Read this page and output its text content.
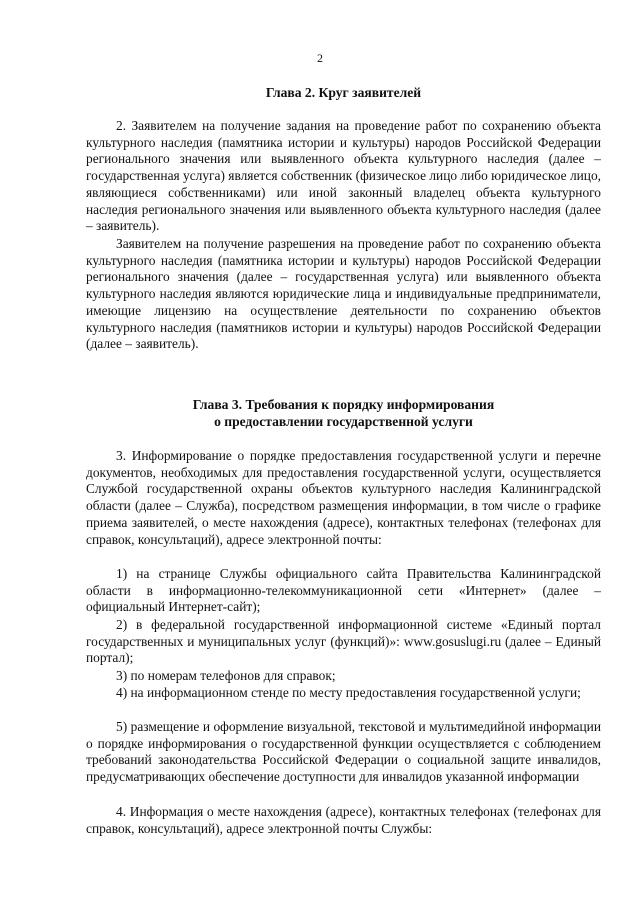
2
Глава 2. Круг заявителей

2. Заявителем на получение задания на проведение работ по сохранению объекта культурного наследия (памятника истории и культуры) народов Российской Федерации регионального значения или выявленного объекта культурного наследия (далее – государственная услуга) является собственник (физическое лицо либо юридическое лицо, являющиеся собственниками) или иной законный владелец объекта культурного наследия регионального значения или выявленного объекта культурного наследия (далее – заявитель).

Заявителем на получение разрешения на проведение работ по сохранению объекта культурного наследия (памятника истории и культуры) народов Российской Федерации регионального значения (далее – государственная услуга) или выявленного объекта культурного наследия являются юридические лица и индивидуальные предприниматели, имеющие лицензию на осуществление деятельности по сохранению объектов культурного наследия (памятников истории и культуры) народов Российской Федерации (далее – заявитель).

Глава 3. Требования к порядку информирования
о предоставлении государственной услуги

3. Информирование о порядке предоставления государственной услуги и перечне документов, необходимых для предоставления государственной услуги, осуществляется Службой государственной охраны объектов культурного наследия Калининградской области (далее – Служба), посредством размещения информации, в том числе о графике приема заявителей, о месте нахождения (адресе), контактных телефонах (телефонах для справок, консультаций), адресе электронной почты:

1) на странице Службы официального сайта Правительства Калининградской области в информационно-телекоммуникационной сети «Интернет» (далее – официальный Интернет-сайт);

2) в федеральной государственной информационной системе «Единый портал государственных и муниципальных услуг (функций)»: www.gosuslugi.ru (далее – Единый портал);

3) по номерам телефонов для справок;

4) на информационном стенде по месту предоставления государственной услуги;

5) размещение и оформление визуальной, текстовой и мультимедийной информации о порядке информирования о государственной функции осуществляется с соблюдением требований законодательства Российской Федерации о социальной защите инвалидов, предусматривающих обеспечение доступности для инвалидов указанной информации

4. Информация о месте нахождения (адресе), контактных телефонах (телефонах для справок, консультаций), адресе электронной почты Службы:
